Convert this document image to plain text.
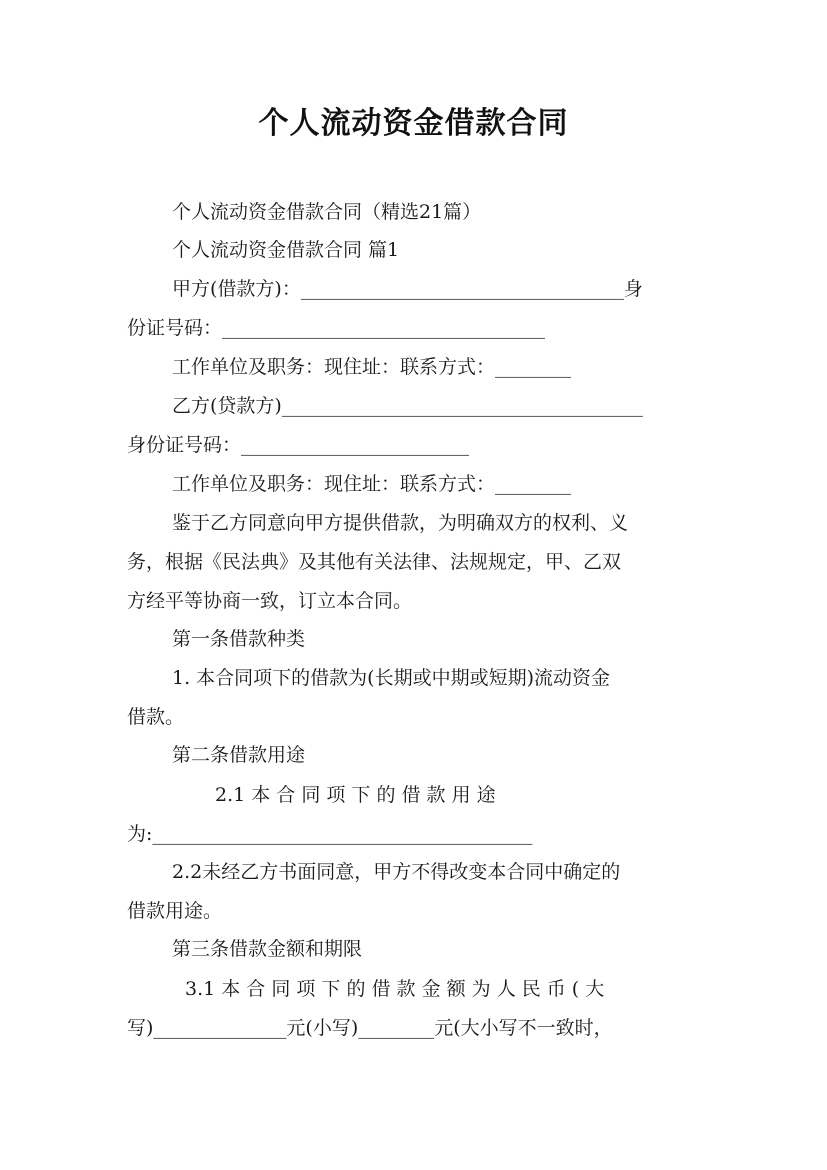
个人流动资金借款合同
个人流动资金借款合同（精选21篇）
个人流动资金借款合同 篇1
甲方(借款方)：__________________________________身
份证号码：__________________________________
工作单位及职务：现住址：联系方式：________
乙方(贷款方)______________________________________
身份证号码：________________________
工作单位及职务：现住址：联系方式：________
鉴于乙方同意向甲方提供借款，为明确双方的权利、义
务，根据《民法典》及其他有关法律、法规规定，甲、乙双
方经平等协商一致，订立本合同。
第一条借款种类
1. 本合同项下的借款为(长期或中期或短期)流动资金
借款。
第二条借款用途
2.1 本 合 同 项 下 的 借 款 用 途
为:________________________________________
2.2未经乙方书面同意，甲方不得改变本合同中确定的
借款用途。
第三条借款金额和期限
3.1 本 合 同 项 下 的 借 款 金 额 为 人 民 币 ( 大
写)______________元(小写)________元(大小写不一致时，
